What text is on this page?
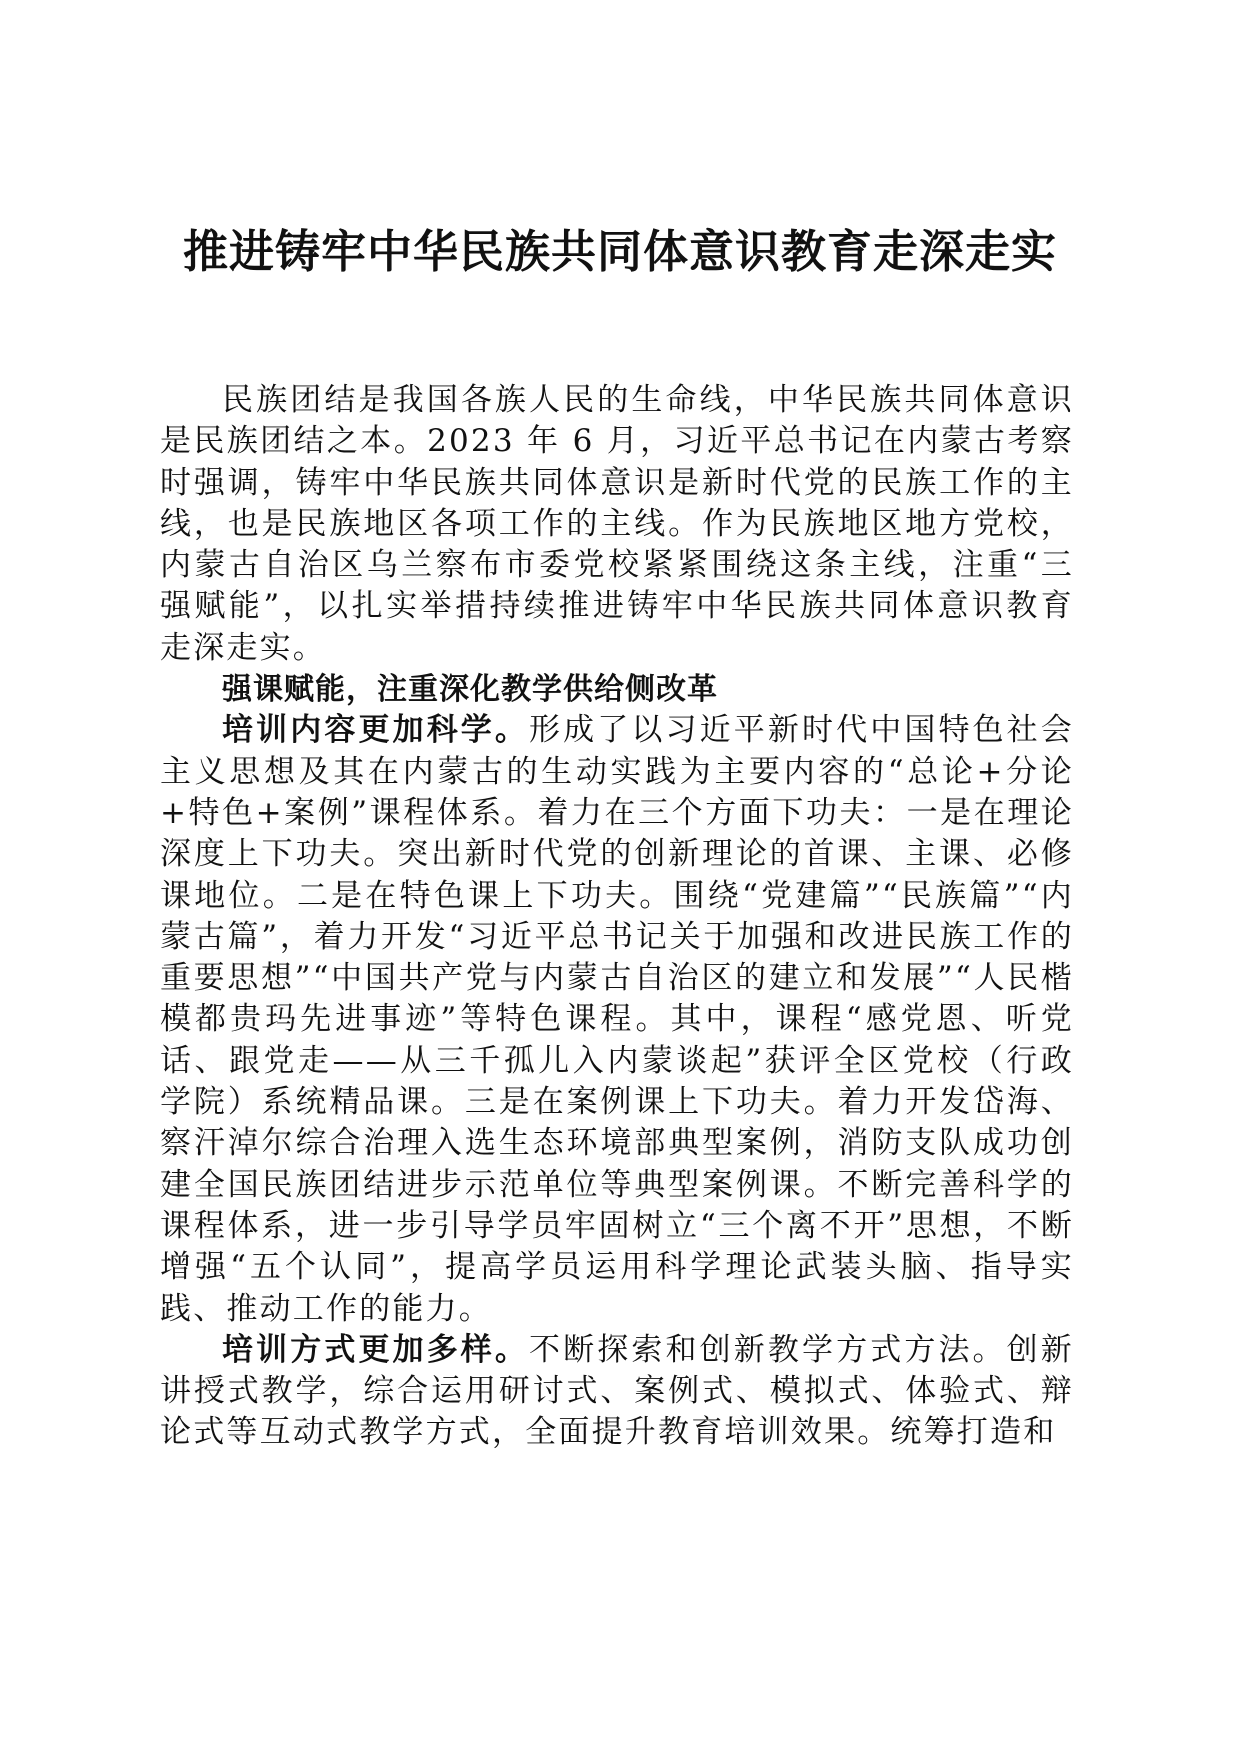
推进铸牢中华民族共同体意识教育走深走实

民族团结是我国各族人民的生命线，中华民族共同体意识是民族团结之本。2023 年 6 月，习近平总书记在内蒙古考察时强调，铸牢中华民族共同体意识是新时代党的民族工作的主线，也是民族地区各项工作的主线。作为民族地区地方党校，内蒙古自治区乌兰察布市委党校紧紧围绕这条主线，注重“三强赋能”，以扎实举措持续推进铸牢中华民族共同体意识教育走深走实。

强课赋能，注重深化教学供给侧改革

培训内容更加科学。形成了以习近平新时代中国特色社会主义思想及其在内蒙古的生动实践为主要内容的“总论+分论+特色+案例”课程体系。着力在三个方面下功夫：一是在理论深度上下功夫。突出新时代党的创新理论的首课、主课、必修课地位。二是在特色课上下功夫。围绕“党建篇”“民族篇”“内蒙古篇”，着力开发“习近平总书记关于加强和改进民族工作的重要思想”“中国共产党与内蒙古自治区的建立和发展”“人民楷模都贵玛先进事迹”等特色课程。其中，课程“感党恩、听党话、跟党走——从三千孤儿入内蒙谈起”获评全区党校（行政学院）系统精品课。三是在案例课上下功夫。着力开发岱海、察汗淖尔综合治理入选生态环境部典型案例，消防支队成功创建全国民族团结进步示范单位等典型案例课。不断完善科学的课程体系，进一步引导学员牢固树立“三个离不开”思想，不断增强“五个认同”，提高学员运用科学理论武装头脑、指导实践、推动工作的能力。

培训方式更加多样。不断探索和创新教学方式方法。创新讲授式教学，综合运用研讨式、案例式、模拟式、体验式、辩论式等互动式教学方式，全面提升教育培训效果。统筹打造和
